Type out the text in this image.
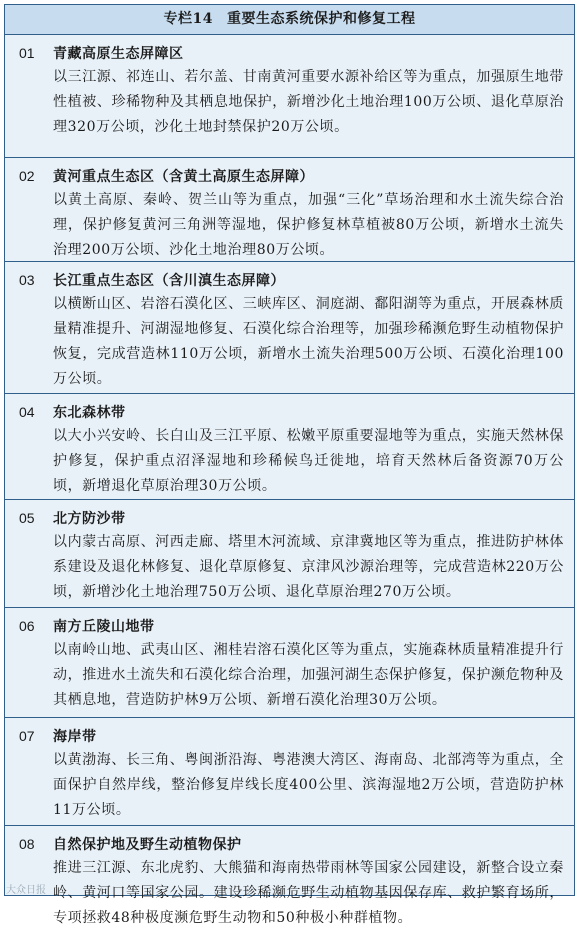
专栏14 重要生态系统保护和修复工程
01	青藏高原生态屏障区
以三江源、祁连山、若尔盖、甘南黄河重要水源补给区等为重点，加强原生地带性植被、珍稀物种及其栖息地保护，新增沙化土地治理100万公顷、退化草原治理320万公顷，沙化土地封禁保护20万公顷。
02	黄河重点生态区（含黄土高原生态屏障）
以黄土高原、秦岭、贺兰山等为重点，加强“三化”草场治理和水土流失综合治理，保护修复黄河三角洲等湿地，保护修复林草植被80万公顷，新增水土流失治理200万公顷、沙化土地治理80万公顷。
03	长江重点生态区（含川滇生态屏障）
以横断山区、岩溶石漠化区、三峡库区、洞庭湖、鄱阳湖等为重点，开展森林质量精准提升、河湖湿地修复、石漠化综合治理等，加强珍稀濒危野生动植物保护恢复，完成营造林110万公顷，新增水土流失治理500万公顷、石漠化治理100万公顷。
04	东北森林带
以大小兴安岭、长白山及三江平原、松嫩平原重要湿地等为重点，实施天然林保护修复，保护重点沼泽湿地和珍稀候鸟迁徙地，培育天然林后备资源70万公顷，新增退化草原治理30万公顷。
05	北方防沙带
以内蒙古高原、河西走廊、塔里木河流域、京津冀地区等为重点，推进防护林体系建设及退化林修复、退化草原修复、京津风沙源治理等，完成营造林220万公顷，新增沙化土地治理750万公顷、退化草原治理270万公顷。
06	南方丘陵山地带
以南岭山地、武夷山区、湘桂岩溶石漠化区等为重点，实施森林质量精准提升行动，推进水土流失和石漠化综合治理，加强河湖生态保护修复，保护濒危物种及其栖息地，营造防护林9万公顷、新增石漠化治理30万公顷。
07	海岸带
以黄渤海、长三角、粤闽浙沿海、粤港澳大湾区、海南岛、北部湾等为重点，全面保护自然岸线，整治修复岸线长度400公里、滨海湿地2万公顷，营造防护林11万公顷。
08	自然保护地及野生动植物保护
推进三江源、东北虎豹、大熊猫和海南热带雨林等国家公园建设，新整合设立秦岭、黄河口等国家公园。建设珍稀濒危野生动植物基因保存库、救护繁育场所，专项拯救48种极度濒危野生动物和50种极小种群植物。
大众日报
